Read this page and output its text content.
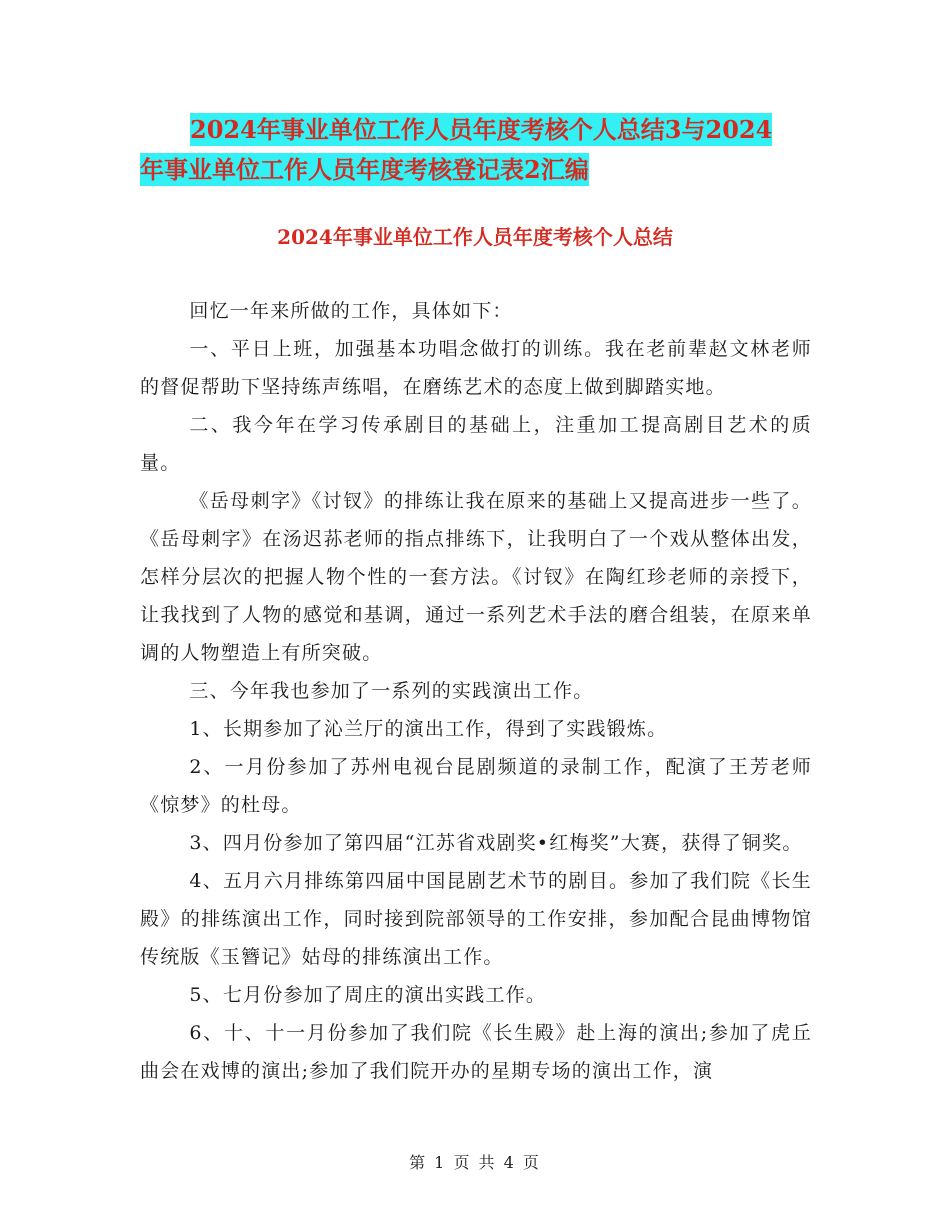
2024年事业单位工作人员年度考核个人总结3与2024
年事业单位工作人员年度考核登记表2汇编
2024年事业单位工作人员年度考核个人总结

回忆一年来所做的工作，具体如下：

一、平日上班，加强基本功唱念做打的训练。我在老前辈赵文林老师的督促帮助下坚持练声练唱，在磨练艺术的态度上做到脚踏实地。

二、我今年在学习传承剧目的基础上，注重加工提高剧目艺术的质量。

《岳母刺字》《讨钗》的排练让我在原来的基础上又提高进步一些了。《岳母刺字》在汤迟荪老师的指点排练下，让我明白了一个戏从整体出发，怎样分层次的把握人物个性的一套方法。《讨钗》在陶红珍老师的亲授下，让我找到了人物的感觉和基调，通过一系列艺术手法的磨合组装，在原来单调的人物塑造上有所突破。

三、今年我也参加了一系列的实践演出工作。

1、长期参加了沁兰厅的演出工作，得到了实践锻炼。

2、一月份参加了苏州电视台昆剧频道的录制工作，配演了王芳老师《惊梦》的杜母。

3、四月份参加了第四届“江苏省戏剧奖•红梅奖”大赛，获得了铜奖。

4、五月六月排练第四届中国昆剧艺术节的剧目。参加了我们院《长生殿》的排练演出工作，同时接到院部领导的工作安排，参加配合昆曲博物馆传统版《玉簪记》姑母的排练演出工作。

5、七月份参加了周庄的演出实践工作。

6、十、十一月份参加了我们院《长生殿》赴上海的演出;参加了虎丘曲会在戏博的演出;参加了我们院开办的星期专场的演出工作，演

第 1 页 共 4 页
